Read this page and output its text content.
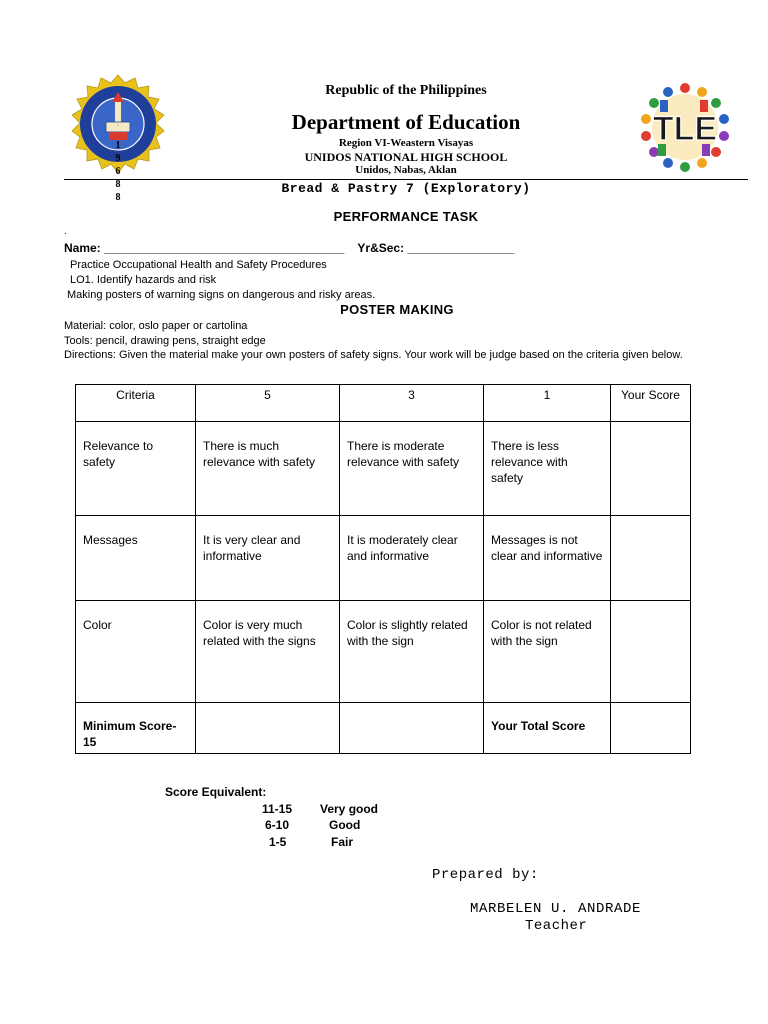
·
1
9
6
8
8
TLE
Republic of the Philippines
Department of Education
Region VI-Weastern Visayas
UNIDOS NATIONAL HIGH SCHOOL
Unidos, Nabas, Aklan
Bread & Pastry 7 (Exploratory)
PERFORMANCE TASK
.
Name: ____________________________________    Yr&Sec: ________________
Practice Occupational Health and Safety Procedures
LO1. Identify hazards and risk
Making posters of warning signs on dangerous and risky areas.
POSTER MAKING
Material: color, oslo paper or cartolina
Tools: pencil, drawing pens, straight edge
Directions: Given the material make your own posters of safety signs. Your work will be judge based on the criteria given below.
Criteria	5	3	1	Your Score
Relevance to safety	There is much relevance with safety	There is moderate relevance with safety	There is less relevance with safety	
Messages	It is very clear and informative	It is moderately clear and informative	Messages is not clear and informative	
Color	Color is very much related with the signs	Color is slightly related with the sign	Color is not related with the sign	
Minimum Score-15			Your Total Score	
Score Equivalent:
11-15 Very good
6-10	Good
1-5	Fair
Prepared by:
MARBELEN U. ANDRADE
Teacher
